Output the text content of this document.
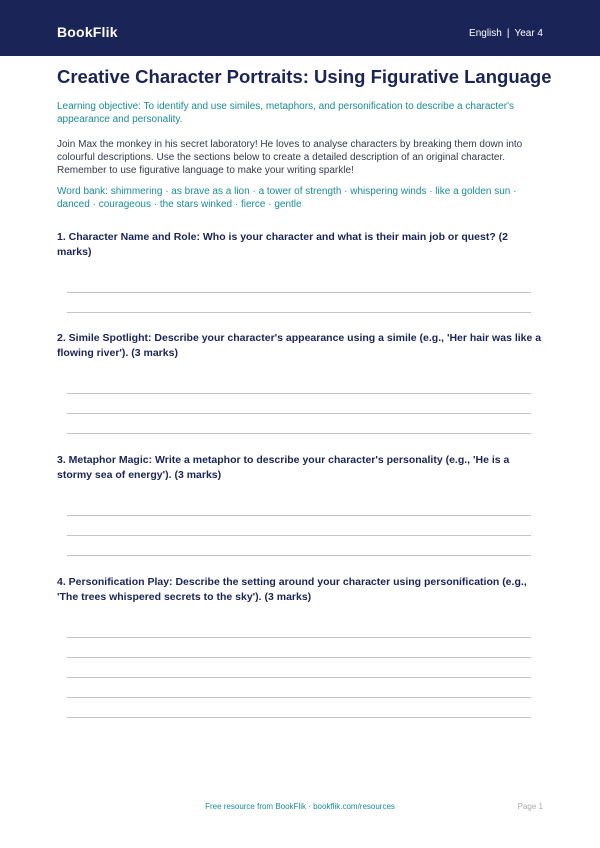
BookFlik	English | Year 4
Creative Character Portraits: Using Figurative Language

Learning objective: To identify and use similes, metaphors, and personification to describe a character's appearance and personality.

Join Max the monkey in his secret laboratory! He loves to analyse characters by breaking them down into colourful descriptions. Use the sections below to create a detailed description of an original character. Remember to use figurative language to make your writing sparkle!

Word bank: shimmering · as brave as a lion · a tower of strength · whispering winds · like a golden sun · danced · courageous · the stars winked · fierce · gentle

1. Character Name and Role: Who is your character and what is their main job or quest? (2 marks)

2. Simile Spotlight: Describe your character's appearance using a simile (e.g., 'Her hair was like a flowing river'). (3 marks)

3. Metaphor Magic: Write a metaphor to describe your character's personality (e.g., 'He is a stormy sea of energy'). (3 marks)

4. Personification Play: Describe the setting around your character using personification (e.g., 'The trees whispered secrets to the sky'). (3 marks)

Free resource from BookFlik · bookflik.com/resources	Page 1
